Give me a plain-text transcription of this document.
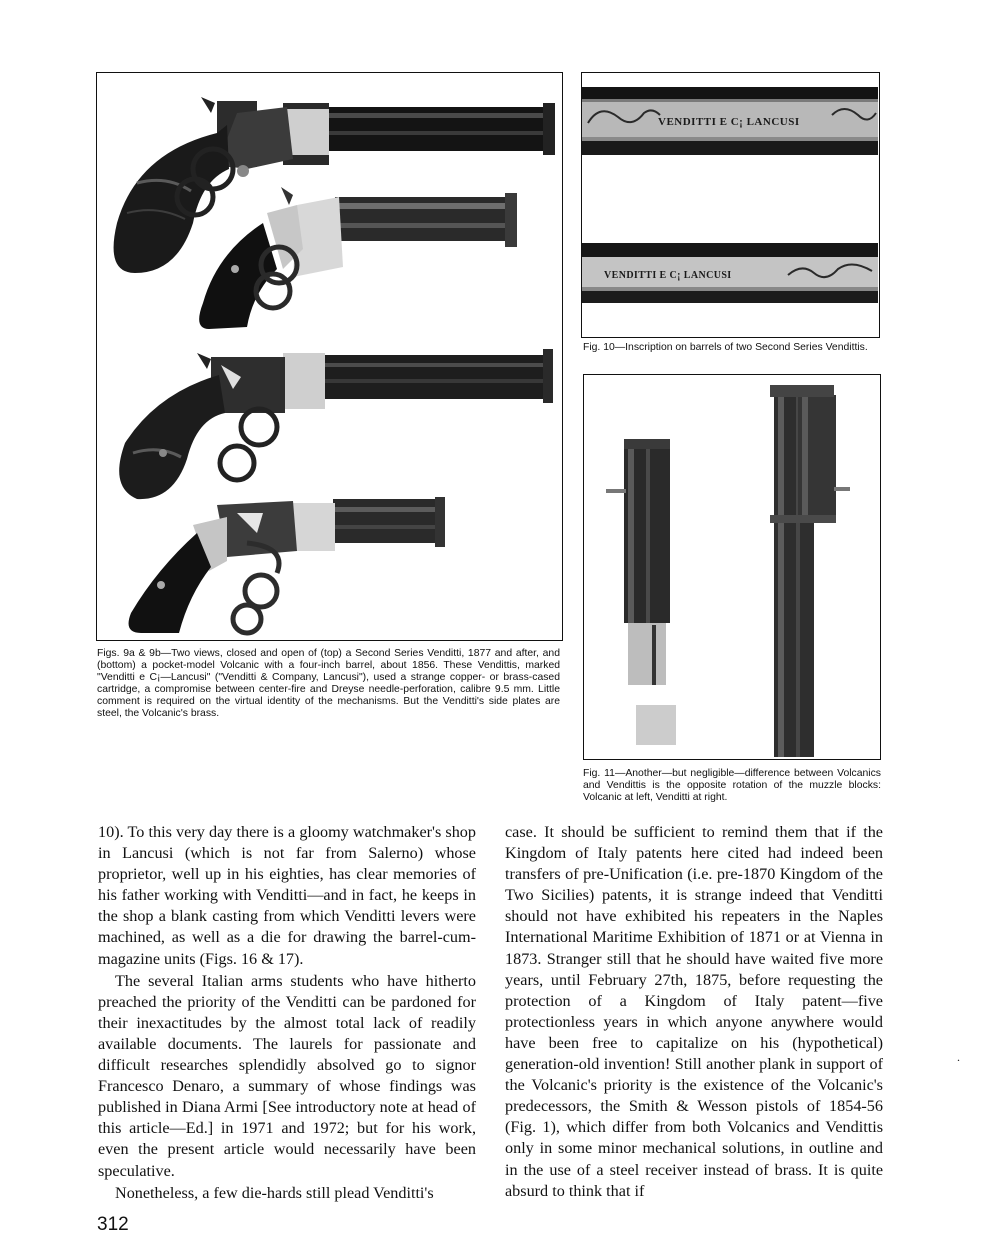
Figs. 9a & 9b—Two views, closed and open of (top) a Second Series Venditti, 1877 and after, and (bottom) a pocket-model Volcanic with a four-inch barrel, about 1856. These Vendittis, marked "Venditti e C¡—Lancusi" ("Venditti & Company, Lancusi"), used a strange copper- or brass-cased cartridge, a compromise between center-fire and Dreyse needle-perforation, calibre 9.5 mm. Little comment is required on the virtual identity of the mechanisms. But the Venditti's side plates are steel, the Volcanic's brass.
VENDITTI E C¡ LANCUSI
VENDITTI E C¡ LANCUSI
Fig. 10—Inscription on barrels of two Second Series Vendittis.
Fig. 11—Another—but negligible—difference between Volcanics and Vendittis is the opposite rotation of the muzzle blocks: Volcanic at left, Venditti at right.

10). To this very day there is a gloomy watchmaker's shop in Lancusi (which is not far from Salerno) whose proprietor, well up in his eighties, has clear memories of his father working with Venditti—and in fact, he keeps in the shop a blank casting from which Venditti levers were machined, as well as a die for drawing the barrel-cum-magazine units (Figs. 16 & 17).

The several Italian arms students who have hitherto preached the priority of the Venditti can be pardoned for their inexactitudes by the almost total lack of readily available documents. The laurels for passionate and difficult researches splendidly absolved go to signor Francesco Denaro, a summary of whose findings was published in Diana Armi [See introductory note at head of this article—Ed.] in 1971 and 1972; but for his work, even the present article would necessarily have been speculative.

Nonetheless, a few die-hards still plead Venditti's

case. It should be sufficient to remind them that if the Kingdom of Italy patents here cited had indeed been transfers of pre-Unification (i.e. pre-1870 Kingdom of the Two Sicilies) patents, it is strange indeed that Venditti should not have exhibited his repeaters in the Naples International Maritime Exhibition of 1871 or at Vienna in 1873. Stranger still that he should have waited five more years, until February 27th, 1875, before requesting the protection of a Kingdom of Italy patent—five protectionless years in which anyone anywhere would have been free to capitalize on his (hypothetical) generation-old invention! Still another plank in support of the Volcanic's priority is the existence of the Volcanic's predecessors, the Smith & Wesson pistols of 1854-56 (Fig. 1), which differ from both Volcanics and Vendittis only in some minor mechanical solutions, in outline and in the use of a steel receiver instead of brass. It is quite absurd to think that if

.
312
